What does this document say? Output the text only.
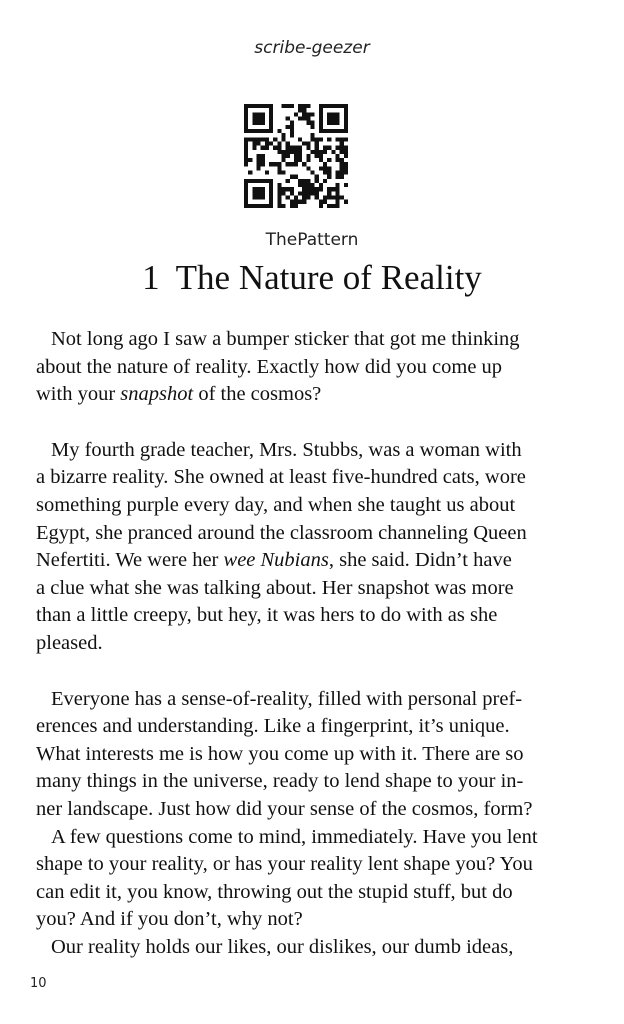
scribe-geezer
ThePattern
1 The Nature of Reality
Not long ago I saw a bumper sticker that got me thinking
about the nature of reality. Exactly how did you come up
with your snapshot of the cosmos?
My fourth grade teacher, Mrs. Stubbs, was a woman with
a bizarre reality. She owned at least five-hundred cats, wore
something purple every day, and when she taught us about
Egypt, she pranced around the classroom channeling Queen
Nefertiti. We were her wee Nubians, she said. Didn’t have
a clue what she was talking about. Her snapshot was more
than a little creepy, but hey, it was hers to do with as she
pleased.
Everyone has a sense-of-reality, filled with personal pref-
erences and understanding. Like a fingerprint, it’s unique.
What interests me is how you come up with it. There are so
many things in the universe, ready to lend shape to your in-
ner landscape. Just how did your sense of the cosmos, form?
A few questions come to mind, immediately. Have you lent
shape to your reality, or has your reality lent shape you? You
can edit it, you know, throwing out the stupid stuff, but do
you? And if you don’t, why not?
Our reality holds our likes, our dislikes, our dumb ideas,
10
